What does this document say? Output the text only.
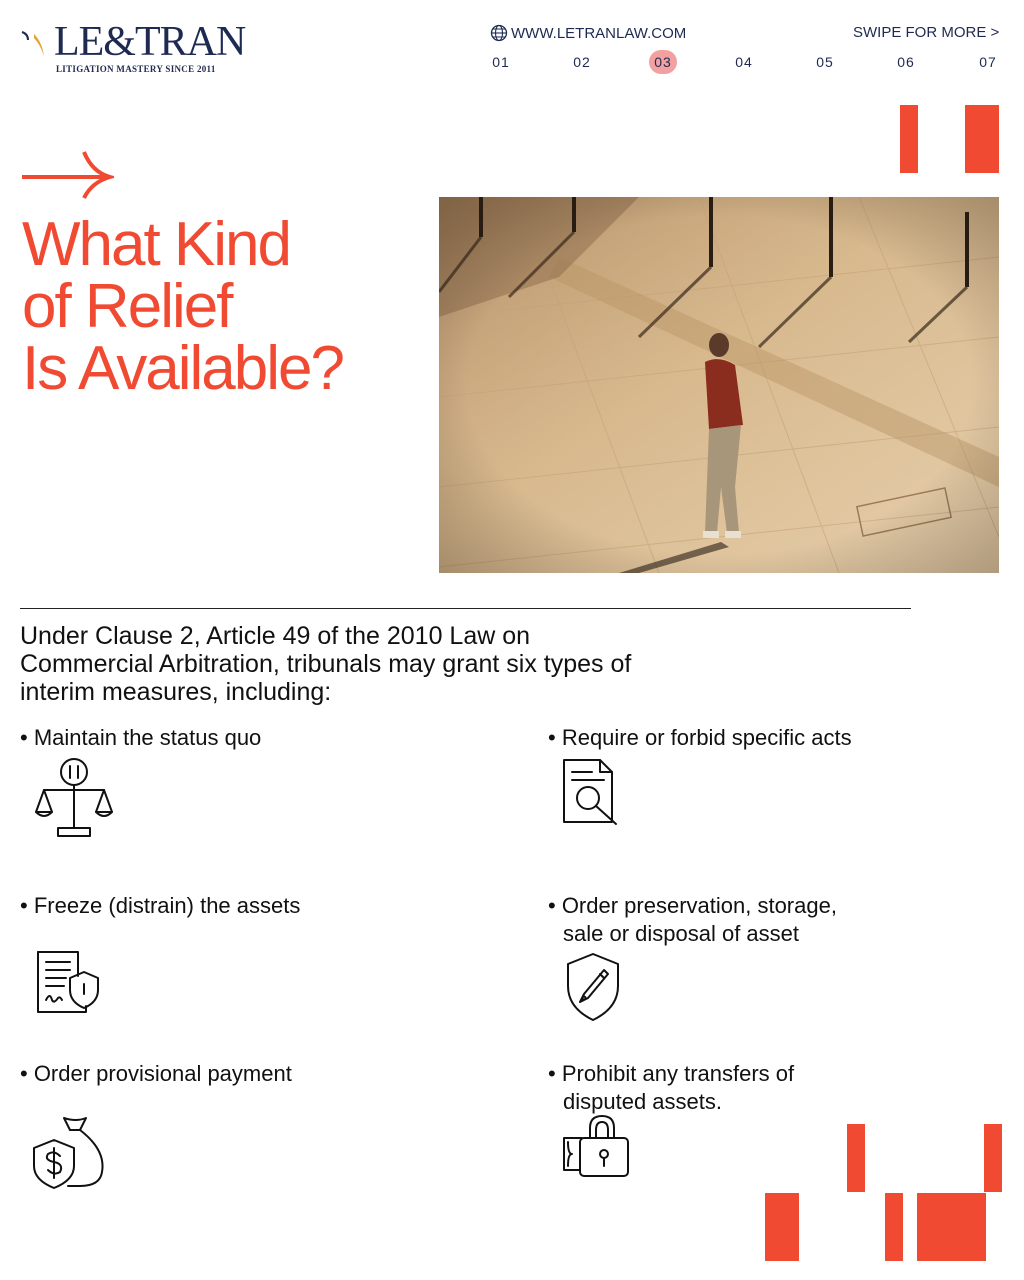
LE&TRAN
LITIGATION MASTERY SINCE 2011
WWW.LETRANLAW.COM	SWIPE FOR MORE >
01	02	03	04	05	06	07
What Kind
of Relief
Is Available?
Under Clause 2, Article 49 of the 2010 Law on Commercial Arbitration, tribunals may grant six types of interim measures, including:
• Maintain the status quo	• Require or forbid specific acts
• Freeze (distrain) the assets	• Order preservation, storage,
sale or disposal of asset
• Order provisional payment	• Prohibit any transfers of
disputed assets.
